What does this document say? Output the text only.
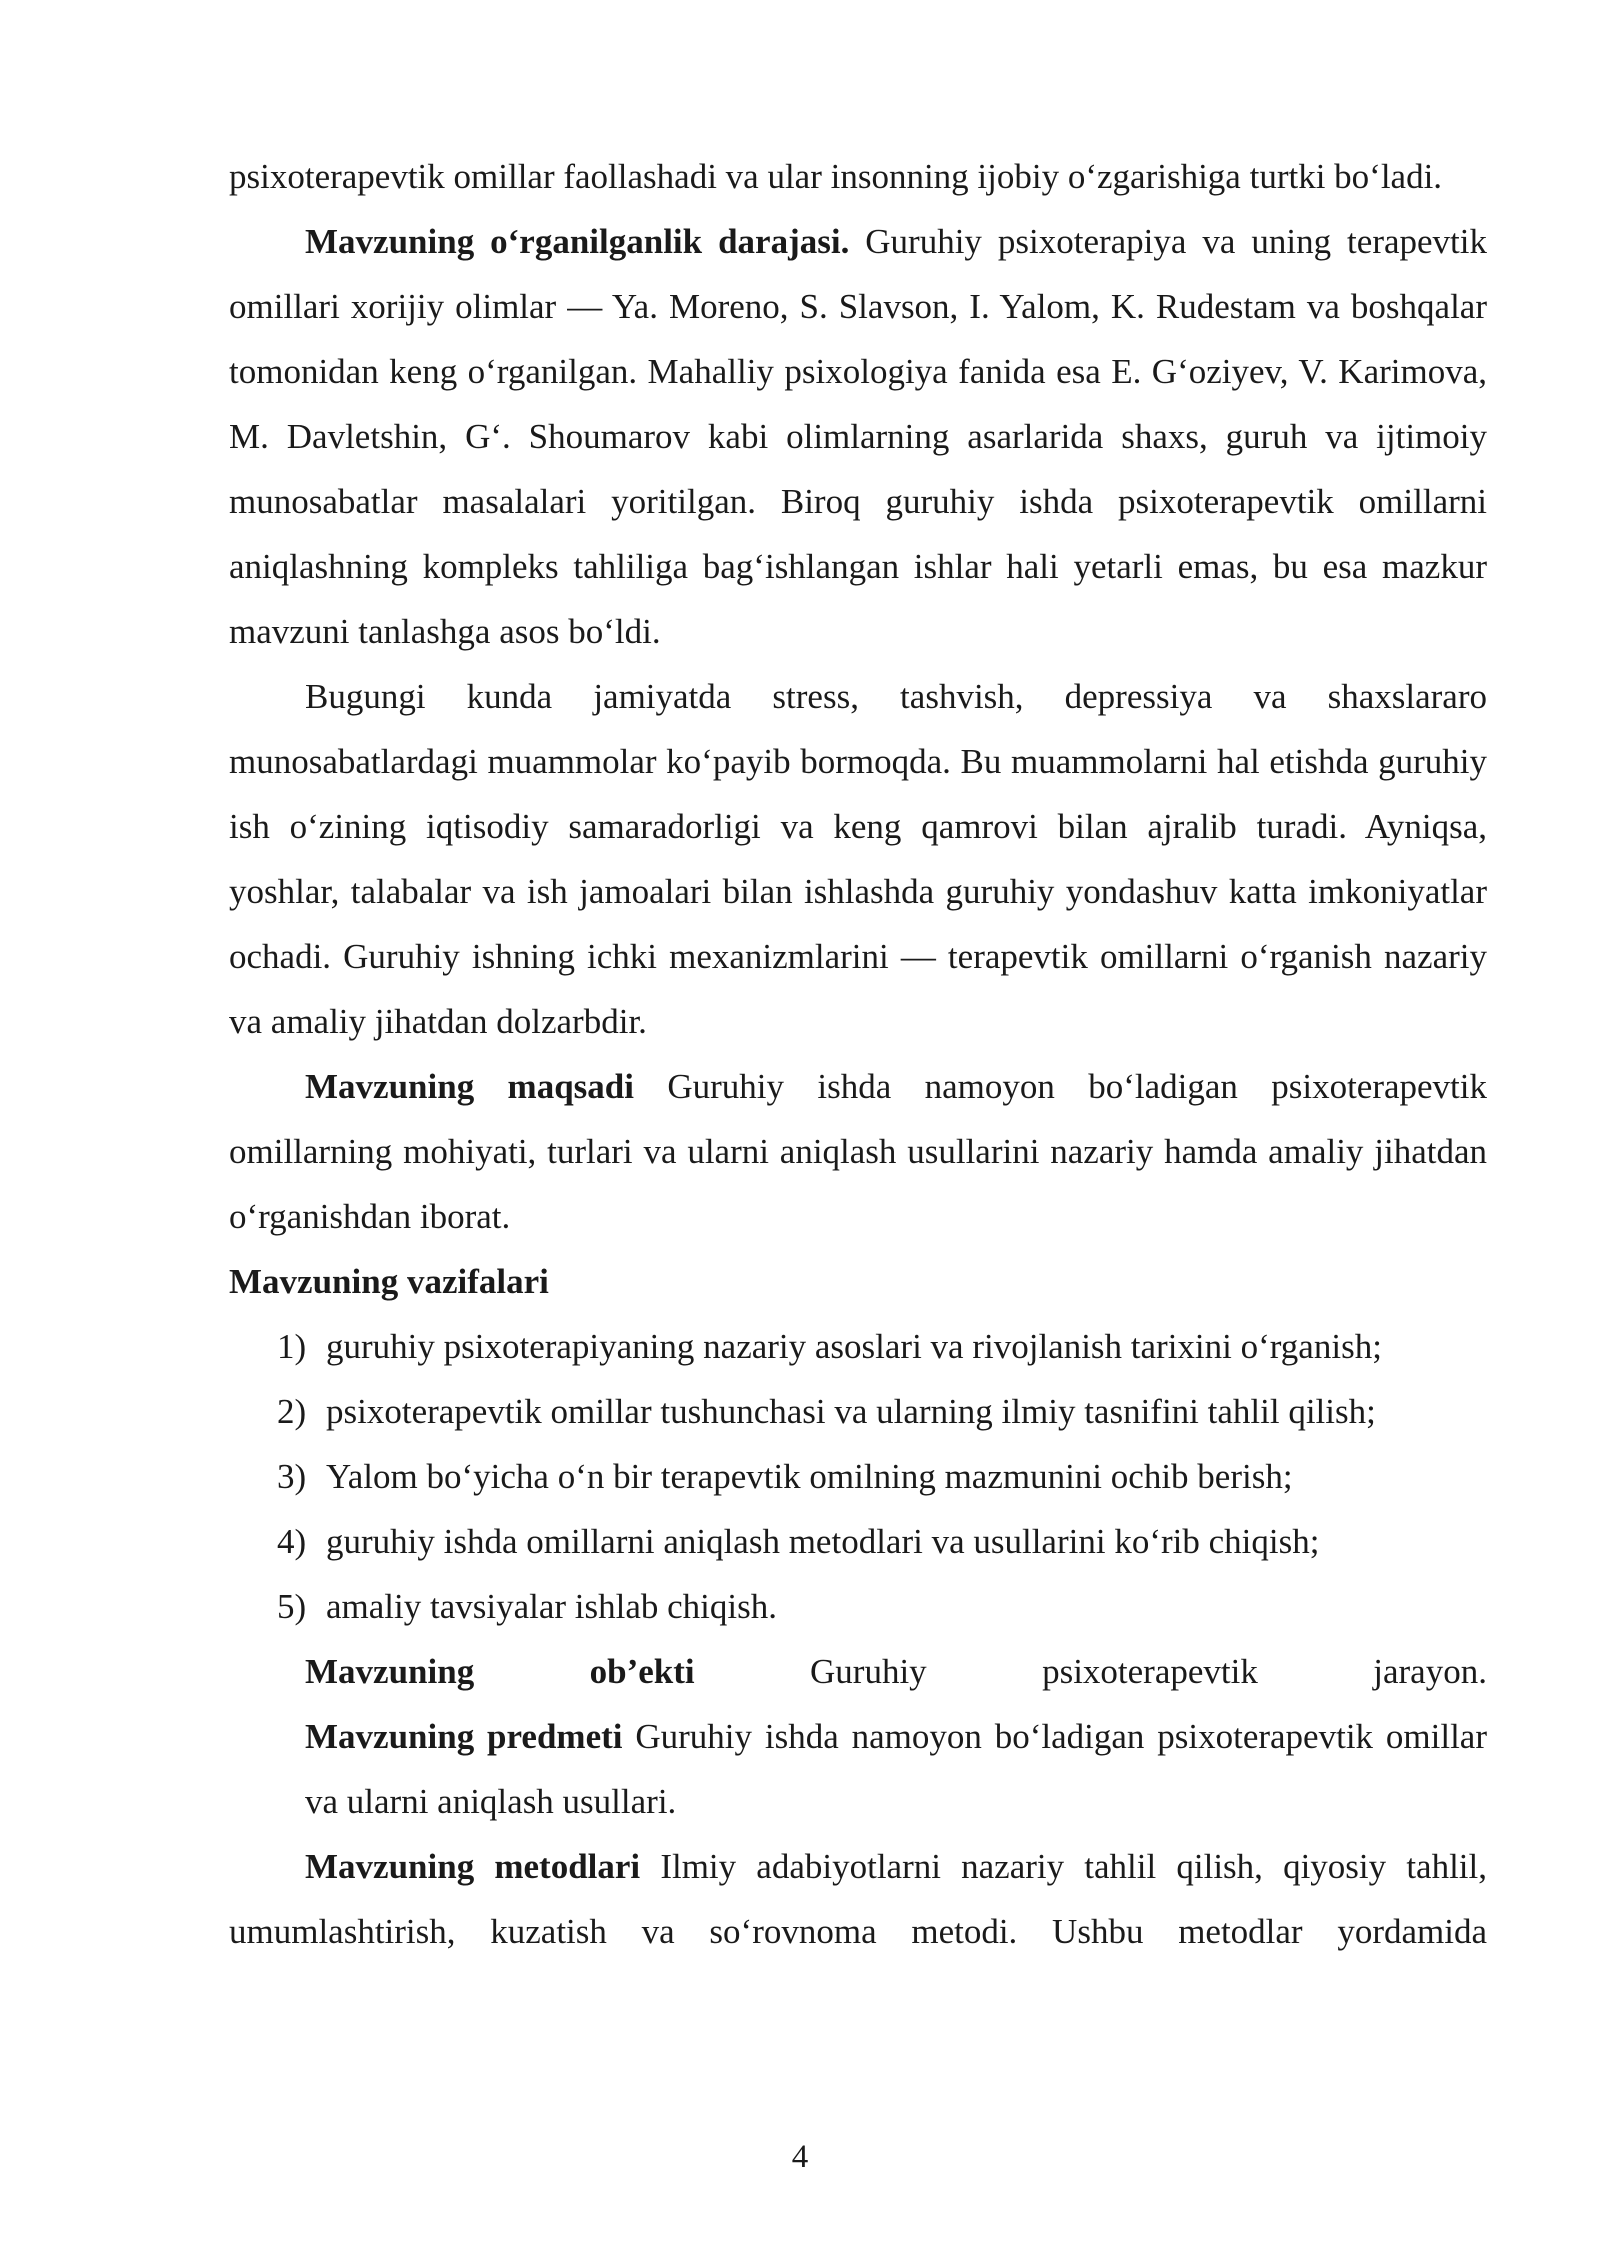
psixoterapevtik omillar faollashadi va ular insonning ijobiy o‘zgarishiga turtki bo‘ladi.

Mavzuning o‘rganilganlik darajasi. Guruhiy psixoterapiya va uning terapevtik omillari xorijiy olimlar — Ya. Moreno, S. Slavson, I. Yalom, K. Rudestam va boshqalar tomonidan keng o‘rganilgan. Mahalliy psixologiya fanida esa E. G‘oziyev, V. Karimova, M. Davletshin, G‘. Shoumarov kabi olimlarning asarlarida shaxs, guruh va ijtimoiy munosabatlar masalalari yoritilgan. Biroq guruhiy ishda psixoterapevtik omillarni aniqlashning kompleks tahliliga bag‘ishlangan ishlar hali yetarli emas, bu esa mazkur mavzuni tanlashga asos bo‘ldi.

Bugungi kunda jamiyatda stress, tashvish, depressiya va shaxslararo munosabatlardagi muammolar ko‘payib bormoqda. Bu muammolarni hal etishda guruhiy ish o‘zining iqtisodiy samaradorligi va keng qamrovi bilan ajralib turadi. Ayniqsa, yoshlar, talabalar va ish jamoalari bilan ishlashda guruhiy yondashuv katta imkoniyatlar ochadi. Guruhiy ishning ichki mexanizmlarini — terapevtik omillarni o‘rganish nazariy va amaliy jihatdan dolzarbdir.

Mavzuning maqsadi Guruhiy ishda namoyon bo‘ladigan psixoterapevtik omillarning mohiyati, turlari va ularni aniqlash usullarini nazariy hamda amaliy jihatdan o‘rganishdan iborat.

Mavzuning vazifalari

1) guruhiy psixoterapiyaning nazariy asoslari va rivojlanish tarixini o‘rganish;
2) psixoterapevtik omillar tushunchasi va ularning ilmiy tasnifini tahlil qilish;
3) Yalom bo‘yicha o‘n bir terapevtik omilning mazmunini ochib berish;
4) guruhiy ishda omillarni aniqlash metodlari va usullarini ko‘rib chiqish;
5) amaliy tavsiyalar ishlab chiqish.
Mavzuning	ob’ekti	Guruhiy	psixoterapevtik	jarayon.

Mavzuning predmeti Guruhiy ishda namoyon bo‘ladigan psixoterapevtik omillar va ularni aniqlash usullari.

Mavzuning metodlari Ilmiy adabiyotlarni nazariy tahlil qilish, qiyosiy tahlil, umumlashtirish, kuzatish va so‘rovnoma metodi. Ushbu metodlar yordamida

4
